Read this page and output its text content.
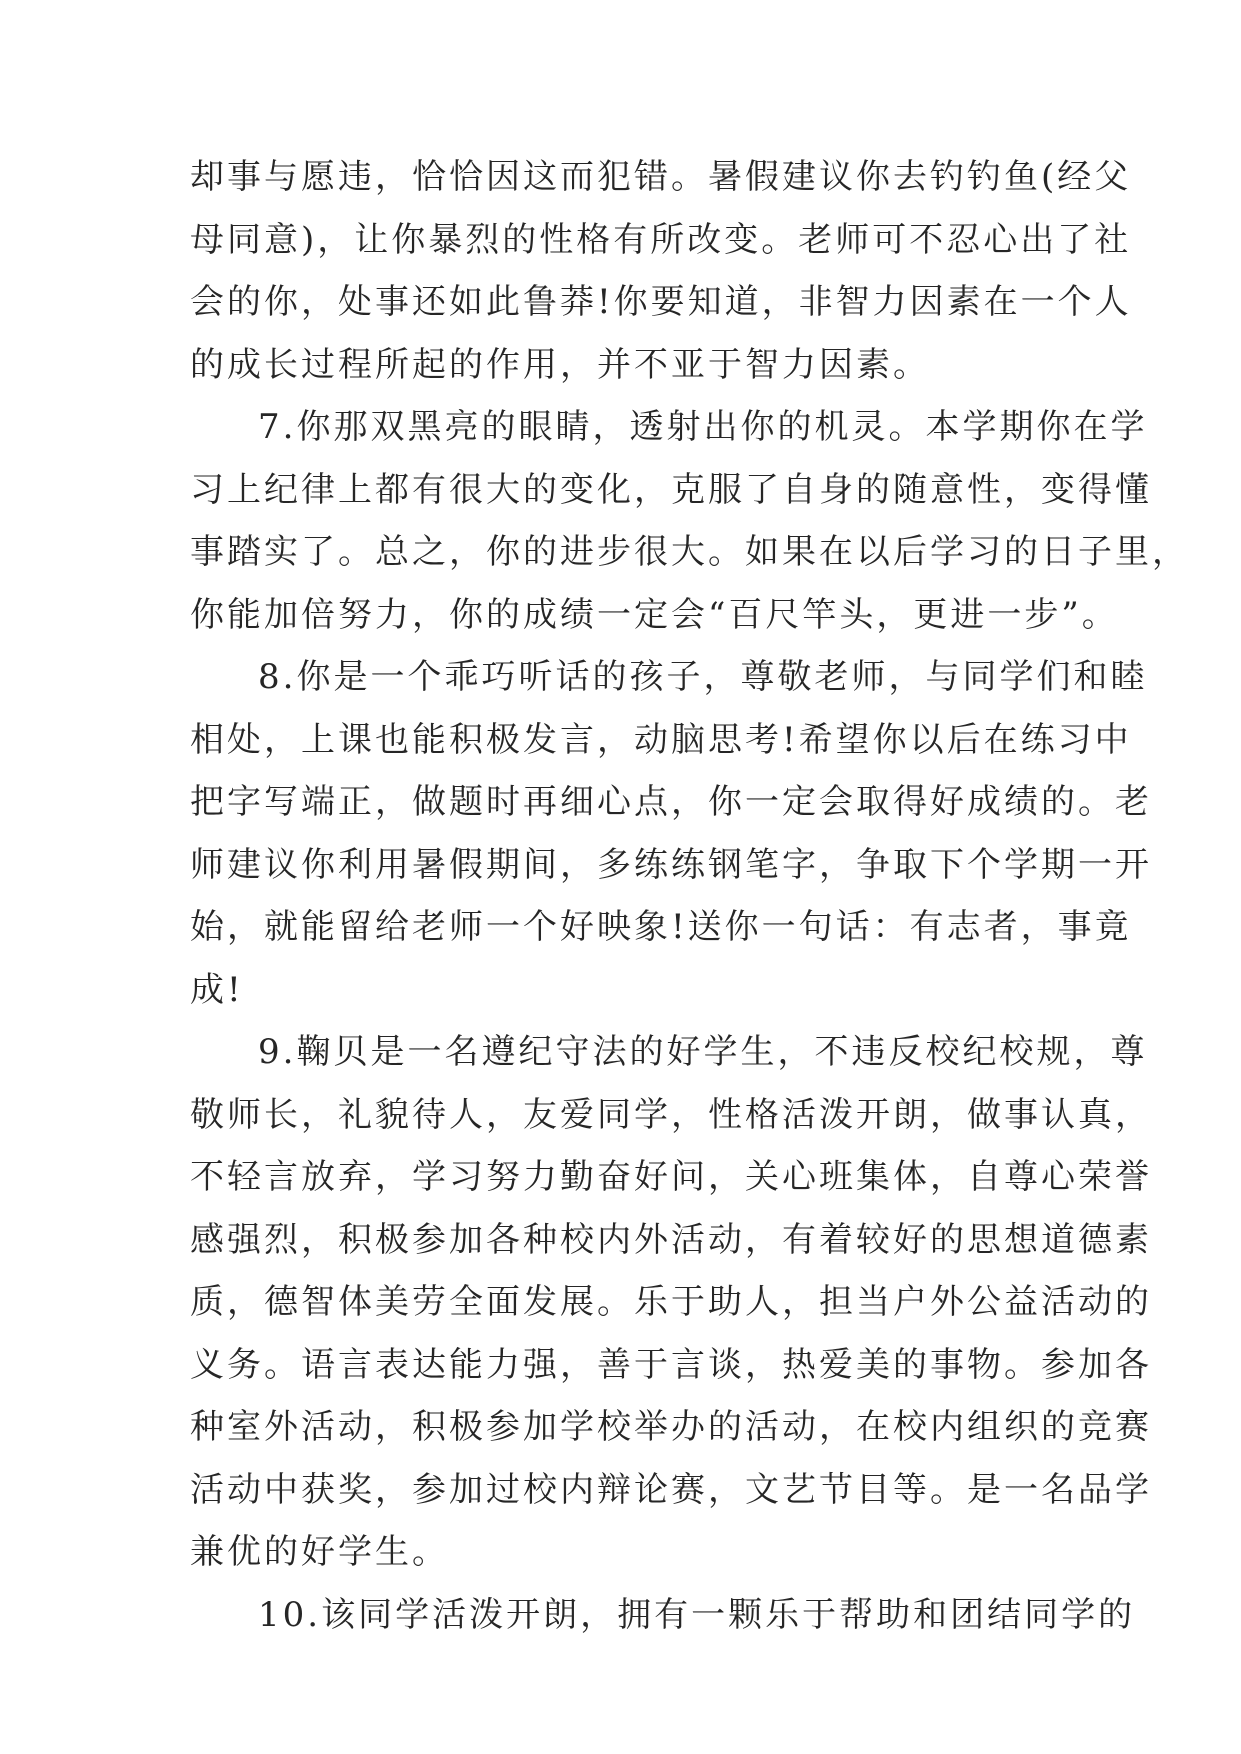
却事与愿违，恰恰因这而犯错。暑假建议你去钓钓鱼(经父
母同意)，让你暴烈的性格有所改变。老师可不忍心出了社
会的你，处事还如此鲁莽!你要知道，非智力因素在一个人
的成长过程所起的作用，并不亚于智力因素。
7.你那双黑亮的眼睛，透射出你的机灵。本学期你在学
习上纪律上都有很大的变化，克服了自身的随意性，变得懂
事踏实了。总之，你的进步很大。如果在以后学习的日子里，
你能加倍努力，你的成绩一定会“百尺竿头，更进一步”。
8.你是一个乖巧听话的孩子，尊敬老师，与同学们和睦
相处，上课也能积极发言，动脑思考!希望你以后在练习中
把字写端正，做题时再细心点，你一定会取得好成绩的。老
师建议你利用暑假期间，多练练钢笔字，争取下个学期一开
始，就能留给老师一个好映象!送你一句话：有志者，事竟
成!
9.鞠贝是一名遵纪守法的好学生，不违反校纪校规，尊
敬师长，礼貌待人，友爱同学，性格活泼开朗，做事认真，
不轻言放弃，学习努力勤奋好问，关心班集体，自尊心荣誉
感强烈，积极参加各种校内外活动，有着较好的思想道德素
质，德智体美劳全面发展。乐于助人，担当户外公益活动的
义务。语言表达能力强，善于言谈，热爱美的事物。参加各
种室外活动，积极参加学校举办的活动，在校内组织的竞赛
活动中获奖，参加过校内辩论赛，文艺节目等。是一名品学
兼优的好学生。
10.该同学活泼开朗，拥有一颗乐于帮助和团结同学的
